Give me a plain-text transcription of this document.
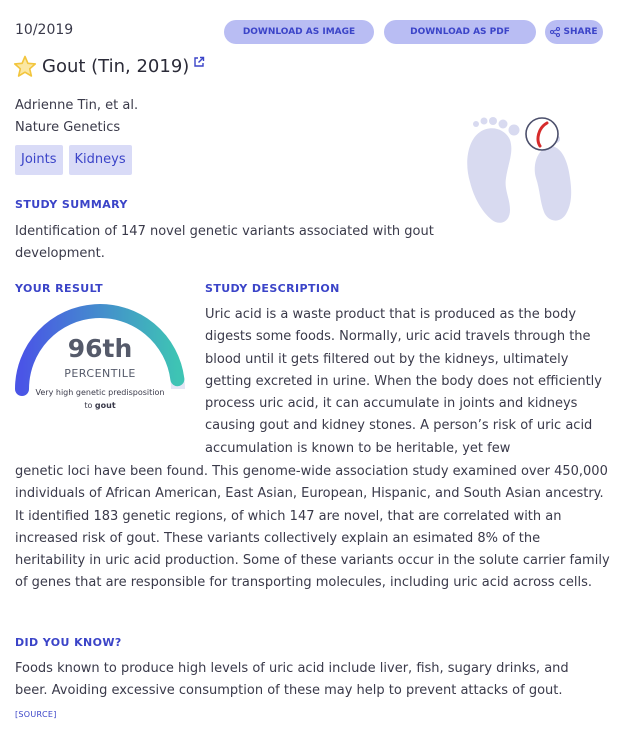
10/2019	DOWNLOAD AS IMAGE	DOWNLOAD AS PDF	SHARE
Gout (Tin, 2019)
Adrienne Tin, et al.
Nature Genetics
Joints	Kidneys
STUDY SUMMARY
Identification of 147 novel genetic variants associated with gout development.
YOUR RESULT
96th
PERCENTILE
Very high genetic predisposition to gout
STUDY DESCRIPTION

Uric acid is a waste product that is produced as the body digests some foods. Normally, uric acid travels through the blood until it gets filtered out by the kidneys, ultimately getting excreted in urine. When the body does not efficiently process uric acid, it can accumulate in joints and kidneys causing gout and kidney stones. A person’s risk of uric acid accumulation is known to be heritable, yet few

genetic loci have been found. This genome-wide association study examined over 450,000 individuals of African American, East Asian, European, Hispanic, and South Asian ancestry. It identified 183 genetic regions, of which 147 are novel, that are correlated with an increased risk of gout. These variants collectively explain an esimated 8% of the heritability in uric acid production. Some of these variants occur in the solute carrier family of genes that are responsible for transporting molecules, including uric acid across cells.

DID YOU KNOW?
Foods known to produce high levels of uric acid include liver, fish, sugary drinks, and beer. Avoiding excessive consumption of these may help to prevent attacks of gout.
[SOURCE]
